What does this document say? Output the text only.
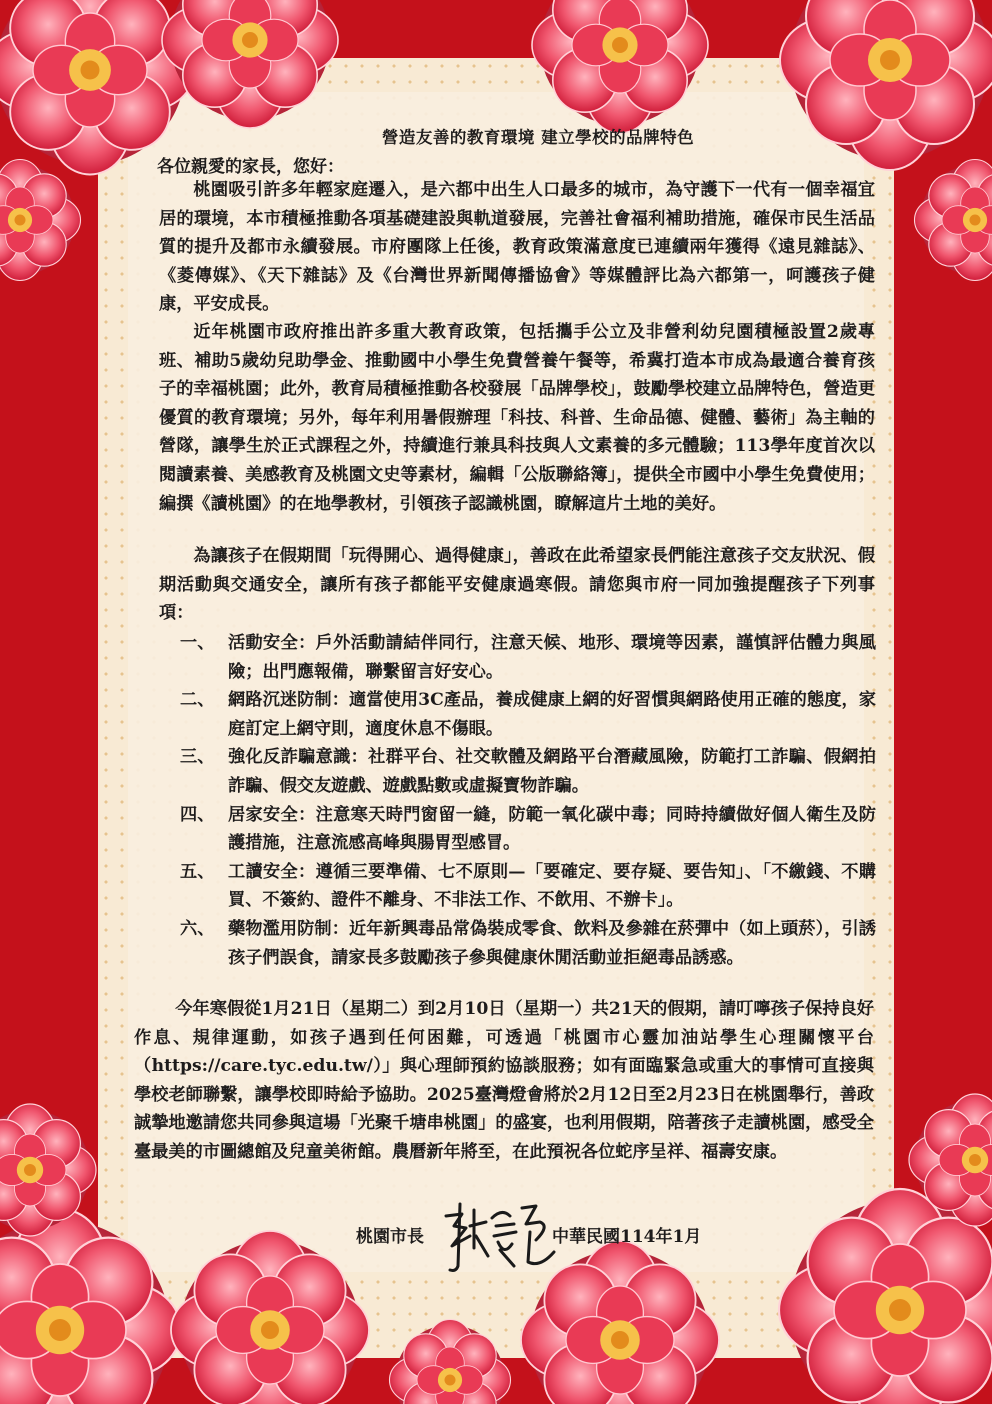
營造友善的教育環境 建立學校的品牌特色
各位親愛的家長，您好：
桃園吸引許多年輕家庭遷入，是六都中出生人口最多的城市，為守護下一代有一個幸福宜居的環境，本市積極推動各項基礎建設與軌道發展，完善社會福利補助措施，確保市民生活品質的提升及都市永續發展。市府團隊上任後，教育政策滿意度已連續兩年獲得《遠見雜誌》、《菱傳媒》、《天下雜誌》及《台灣世界新聞傳播協會》等媒體評比為六都第一，呵護孩子健康，平安成長。
近年桃園市政府推出許多重大教育政策，包括攜手公立及非營利幼兒園積極設置2歲專班、補助5歲幼兒助學金、推動國中小學生免費營養午餐等，希冀打造本市成為最適合養育孩子的幸福桃園；此外，教育局積極推動各校發展「品牌學校」，鼓勵學校建立品牌特色，營造更優質的教育環境；另外，每年利用暑假辦理「科技、科普、生命品德、健體、藝術」為主軸的營隊，讓學生於正式課程之外，持續進行兼具科技與人文素養的多元體驗；113學年度首次以閱讀素養、美感教育及桃園文史等素材，編輯「公版聯絡簿」，提供全市國中小學生免費使用；編撰《讀桃園》的在地學教材，引領孩子認識桃園，瞭解這片土地的美好。
為讓孩子在假期間「玩得開心、過得健康」，善政在此希望家長們能注意孩子交友狀況、假期活動與交通安全，讓所有孩子都能平安健康過寒假。請您與市府一同加強提醒孩子下列事項：
一、 活動安全：戶外活動請結伴同行，注意天候、地形、環境等因素，謹慎評估體力與風險；出門應報備，聯繫留言好安心。
二、 網路沉迷防制：適當使用3C產品，養成健康上網的好習慣與網路使用正確的態度，家庭訂定上網守則，適度休息不傷眼。
三、 強化反詐騙意識：社群平台、社交軟體及網路平台潛藏風險，防範打工詐騙、假網拍詐騙、假交友遊戲、遊戲點數或虛擬寶物詐騙。
四、 居家安全：注意寒天時門窗留一縫，防範一氧化碳中毒；同時持續做好個人衛生及防護措施，注意流感高峰與腸胃型感冒。
五、 工讀安全：遵循三要準備、七不原則—「要確定、要存疑、要告知」、「不繳錢、不購買、不簽約、證件不離身、不非法工作、不飲用、不辦卡」。
六、 藥物濫用防制：近年新興毒品常偽裝成零食、飲料及參雜在菸彈中（如上頭菸），引誘孩子們誤食，請家長多鼓勵孩子參與健康休閒活動並拒絕毒品誘惑。
今年寒假從1月21日（星期二）到2月10日（星期一）共21天的假期，請叮嚀孩子保持良好作息、規律運動，如孩子遇到任何困難，可透過「桃園市心靈加油站學生心理關懷平台（https://care.tyc.edu.tw/）」與心理師預約協談服務；如有面臨緊急或重大的事情可直接與學校老師聯繫，讓學校即時給予協助。2025臺灣燈會將於2月12日至2月23日在桃園舉行，善政誠摯地邀請您共同參與這場「光聚千塘串桃園」的盛宴，也利用假期，陪著孩子走讀桃園，感受全臺最美的市圖總館及兒童美術館。農曆新年將至，在此預祝各位蛇序呈祥、福壽安康。
桃園市長	中華民國114年1月
